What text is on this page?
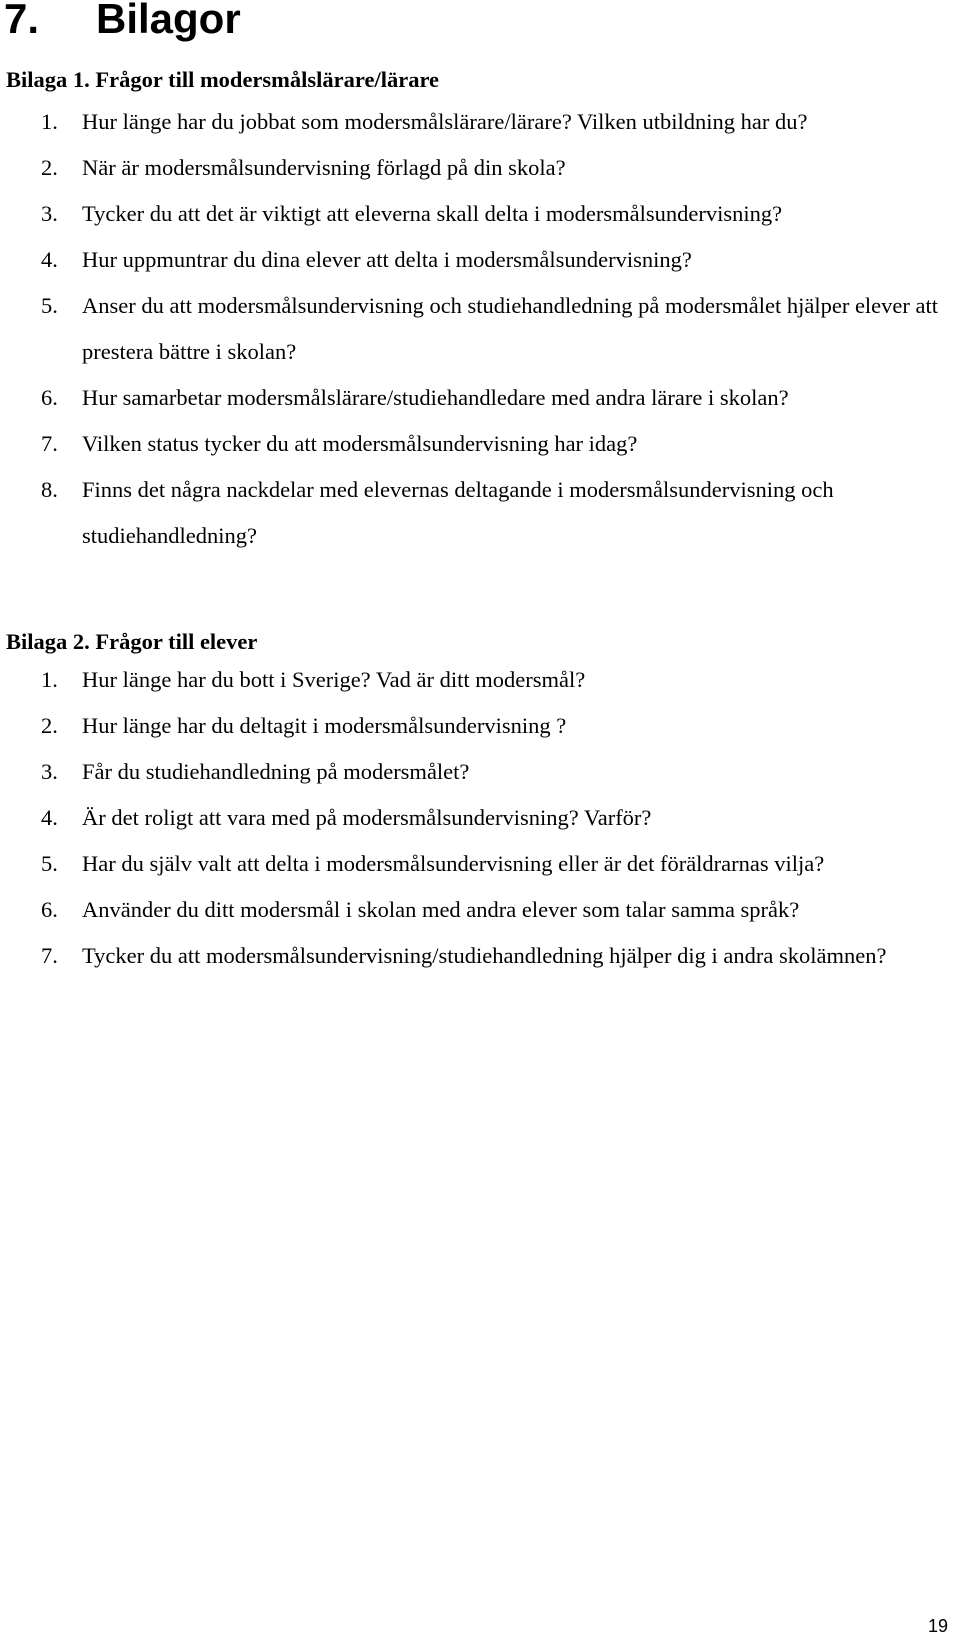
7. Bilagor
Bilaga 1. Frågor till modersmålslärare/lärare
1. Hur länge har du jobbat som modersmålslärare/lärare? Vilken utbildning har du?
2. När är modersmålsundervisning förlagd på din skola?
3. Tycker du att det är viktigt att eleverna skall delta i modersmålsundervisning?
4. Hur uppmuntrar du dina elever att delta i modersmålsundervisning?
5. Anser du att modersmålsundervisning och studiehandledning på modersmålet hjälper elever att prestera bättre i skolan?
6. Hur samarbetar modersmålslärare/studiehandledare med andra lärare i skolan?
7. Vilken status tycker du att modersmålsundervisning har idag?
8. Finns det några nackdelar med elevernas deltagande i modersmålsundervisning och studiehandledning?
Bilaga 2. Frågor till elever
1. Hur länge har du bott i Sverige? Vad är ditt modersmål?
2. Hur länge har du deltagit i modersmålsundervisning ?
3. Får du studiehandledning på modersmålet?
4. Är det roligt att vara med på modersmålsundervisning? Varför?
5. Har du själv valt att delta i modersmålsundervisning eller är det föräldrarnas vilja?
6. Använder du ditt modersmål i skolan med andra elever som talar samma språk?
7. Tycker du att modersmålsundervisning/studiehandledning hjälper dig i andra skolämnen?
19
